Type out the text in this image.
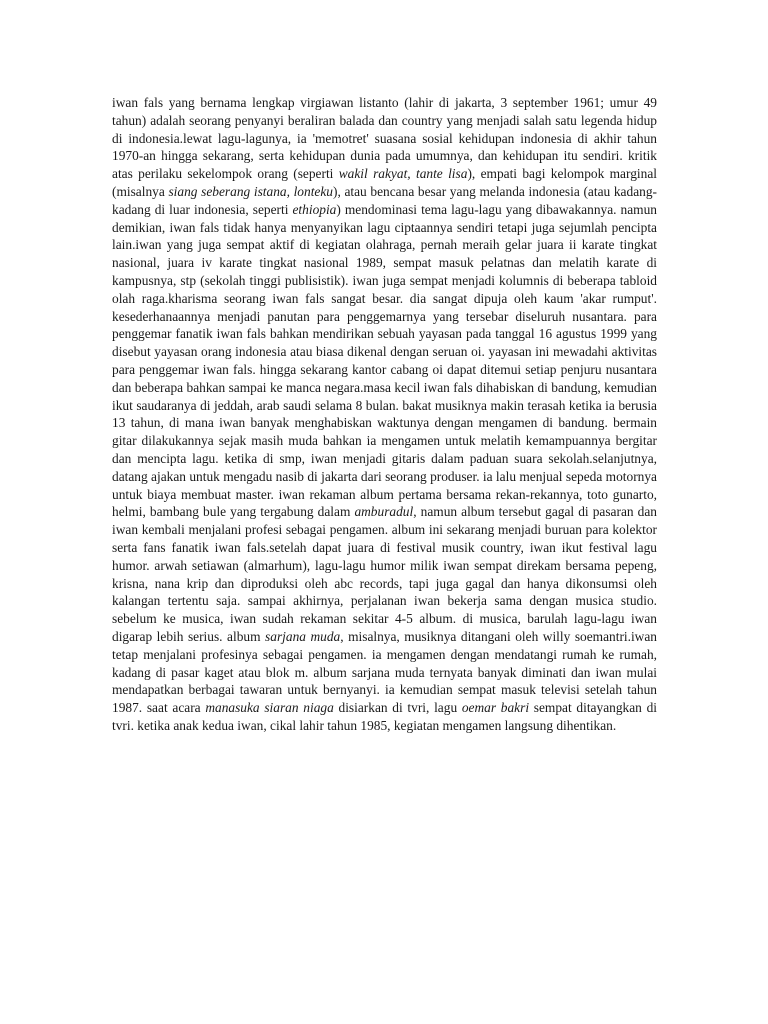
iwan fals yang bernama lengkap virgiawan listanto (lahir di jakarta, 3 september 1961; umur 49 tahun) adalah seorang penyanyi beraliran balada dan country yang menjadi salah satu legenda hidup di indonesia.lewat lagu-lagunya, ia 'memotret' suasana sosial kehidupan indonesia di akhir tahun 1970-an hingga sekarang, serta kehidupan dunia pada umumnya, dan kehidupan itu sendiri. kritik atas perilaku sekelompok orang (seperti wakil rakyat, tante lisa), empati bagi kelompok marginal (misalnya siang seberang istana, lonteku), atau bencana besar yang melanda indonesia (atau kadang-kadang di luar indonesia, seperti ethiopia) mendominasi tema lagu-lagu yang dibawakannya. namun demikian, iwan fals tidak hanya menyanyikan lagu ciptaannya sendiri tetapi juga sejumlah pencipta lain.iwan yang juga sempat aktif di kegiatan olahraga, pernah meraih gelar juara ii karate tingkat nasional, juara iv karate tingkat nasional 1989, sempat masuk pelatnas dan melatih karate di kampusnya, stp (sekolah tinggi publisistik). iwan juga sempat menjadi kolumnis di beberapa tabloid olah raga.kharisma seorang iwan fals sangat besar. dia sangat dipuja oleh kaum 'akar rumput'. kesederhanaannya menjadi panutan para penggemarnya yang tersebar diseluruh nusantara. para penggemar fanatik iwan fals bahkan mendirikan sebuah yayasan pada tanggal 16 agustus 1999 yang disebut yayasan orang indonesia atau biasa dikenal dengan seruan oi. yayasan ini mewadahi aktivitas para penggemar iwan fals. hingga sekarang kantor cabang oi dapat ditemui setiap penjuru nusantara dan beberapa bahkan sampai ke manca negara.masa kecil iwan fals dihabiskan di bandung, kemudian ikut saudaranya di jeddah, arab saudi selama 8 bulan. bakat musiknya makin terasah ketika ia berusia 13 tahun, di mana iwan banyak menghabiskan waktunya dengan mengamen di bandung. bermain gitar dilakukannya sejak masih muda bahkan ia mengamen untuk melatih kemampuannya bergitar dan mencipta lagu. ketika di smp, iwan menjadi gitaris dalam paduan suara sekolah.selanjutnya, datang ajakan untuk mengadu nasib di jakarta dari seorang produser. ia lalu menjual sepeda motornya untuk biaya membuat master. iwan rekaman album pertama bersama rekan-rekannya, toto gunarto, helmi, bambang bule yang tergabung dalam amburadul, namun album tersebut gagal di pasaran dan iwan kembali menjalani profesi sebagai pengamen. album ini sekarang menjadi buruan para kolektor serta fans fanatik iwan fals.setelah dapat juara di festival musik country, iwan ikut festival lagu humor. arwah setiawan (almarhum), lagu-lagu humor milik iwan sempat direkam bersama pepeng, krisna, nana krip dan diproduksi oleh abc records, tapi juga gagal dan hanya dikonsumsi oleh kalangan tertentu saja. sampai akhirnya, perjalanan iwan bekerja sama dengan musica studio. sebelum ke musica, iwan sudah rekaman sekitar 4-5 album. di musica, barulah lagu-lagu iwan digarap lebih serius. album sarjana muda, misalnya, musiknya ditangani oleh willy soemantri.iwan tetap menjalani profesinya sebagai pengamen. ia mengamen dengan mendatangi rumah ke rumah, kadang di pasar kaget atau blok m. album sarjana muda ternyata banyak diminati dan iwan mulai mendapatkan berbagai tawaran untuk bernyanyi. ia kemudian sempat masuk televisi setelah tahun 1987. saat acara manasuka siaran niaga disiarkan di tvri, lagu oemar bakri sempat ditayangkan di tvri. ketika anak kedua iwan, cikal lahir tahun 1985, kegiatan mengamen langsung dihentikan.
